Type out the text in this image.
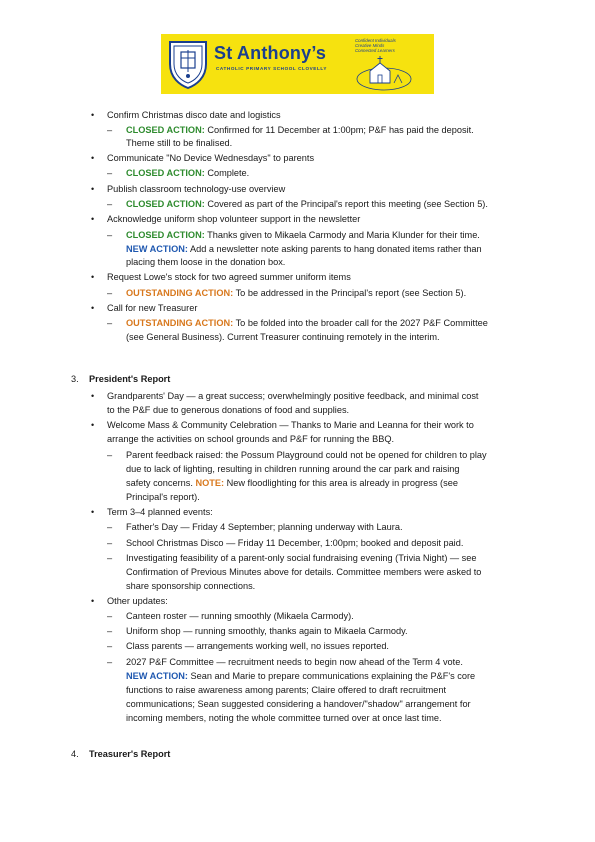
St Anthony’s
CATHOLIC PRIMARY SCHOOL CLOVELLY
Confident Individuals
Creative Minds
Connected Learners
• Confirm Christmas disco date and logistics
– CLOSED ACTION: Confirmed for 11 December at 1:00pm; P&F has paid the deposit.
Theme still to be finalised.
• Communicate "No Device Wednesdays" to parents
– CLOSED ACTION: Complete.
• Publish classroom technology-use overview
– CLOSED ACTION: Covered as part of the Principal's report this meeting (see Section 5).
• Acknowledge uniform shop volunteer support in the newsletter
– CLOSED ACTION: Thanks given to Mikaela Carmody and Maria Klunder for their time.
NEW ACTION: Add a newsletter note asking parents to hang donated items rather than
placing them loose in the donation box.
• Request Lowe's stock for two agreed summer uniform items
– OUTSTANDING ACTION: To be addressed in the Principal's report (see Section 5).
• Call for new Treasurer
– OUTSTANDING ACTION: To be folded into the broader call for the 2027 P&F Committee
(see General Business). Current Treasurer continuing remotely in the interim.
3. President's Report
• Grandparents' Day — a great success; overwhelmingly positive feedback, and minimal cost
to the P&F due to generous donations of food and supplies.
• Welcome Mass & Community Celebration — Thanks to Marie and Leanna for their work to
arrange the activities on school grounds and P&F for running the BBQ.
– Parent feedback raised: the Possum Playground could not be opened for children to play
due to lack of lighting, resulting in children running around the car park and raising
safety concerns. NOTE: New floodlighting for this area is already in progress (see
Principal's report).
• Term 3–4 planned events:
– Father's Day — Friday 4 September; planning underway with Laura.
– School Christmas Disco — Friday 11 December, 1:00pm; booked and deposit paid.
– Investigating feasibility of a parent-only social fundraising evening (Trivia Night) — see
Confirmation of Previous Minutes above for details. Committee members were asked to
share sponsorship connections.
• Other updates:
– Canteen roster — running smoothly (Mikaela Carmody).
– Uniform shop — running smoothly, thanks again to Mikaela Carmody.
– Class parents — arrangements working well, no issues reported.
– 2027 P&F Committee — recruitment needs to begin now ahead of the Term 4 vote.
NEW ACTION: Sean and Marie to prepare communications explaining the P&F's core
functions to raise awareness among parents; Claire offered to draft recruitment
communications; Sean suggested considering a handover/"shadow" arrangement for
incoming members, noting the whole committee turned over at once last time.
4. Treasurer's Report
